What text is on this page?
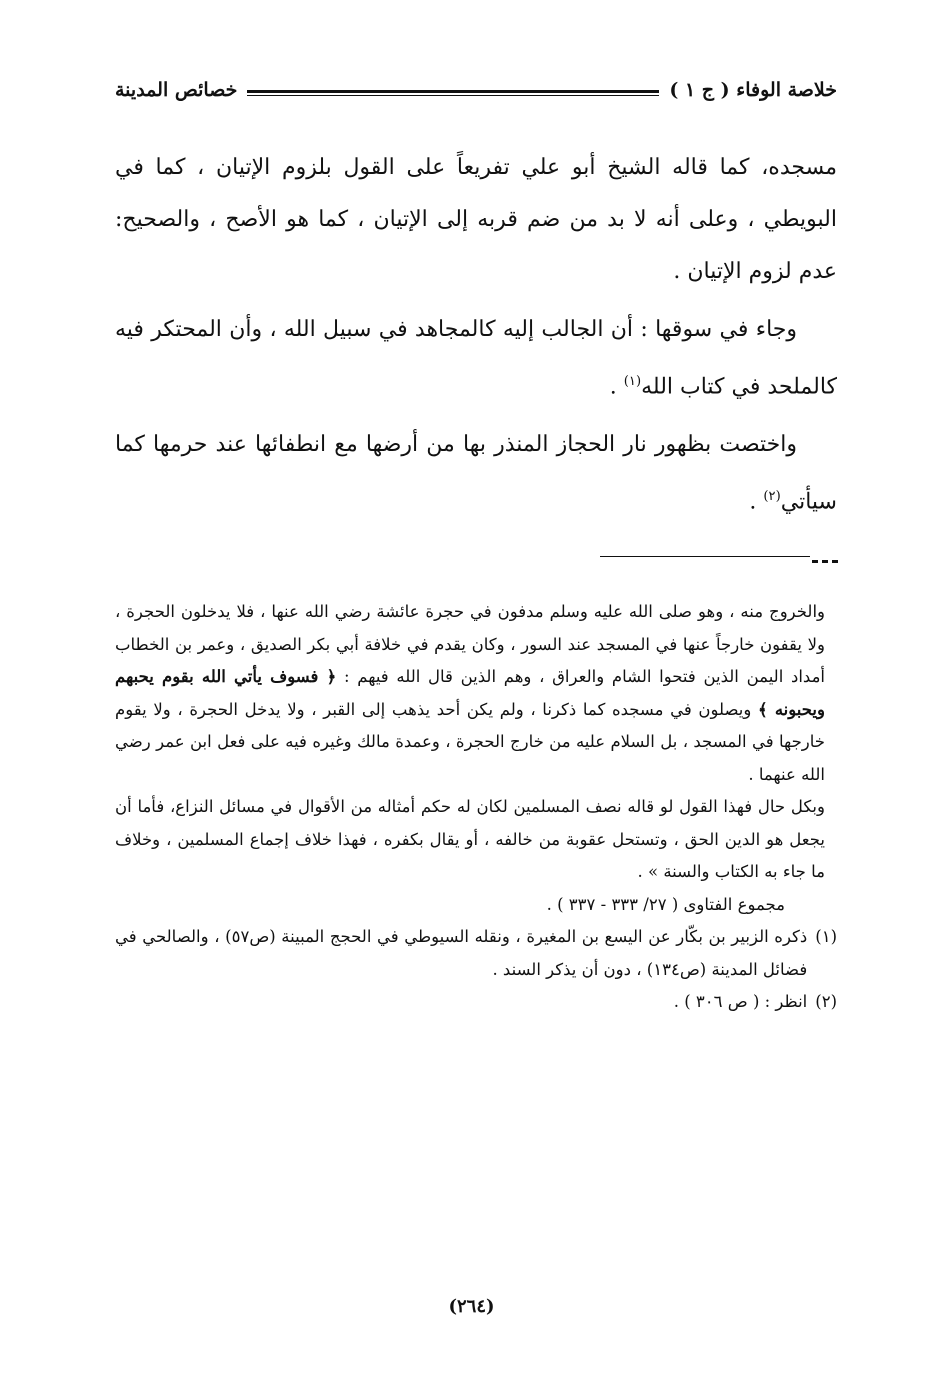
خصائص المدينة	خلاصة الوفاء ( ج ١ )

مسجده، كما قاله الشيخ أبو علي تفريعاً على القول بلزوم الإتيان ، كما في البويطي ، وعلى أنه لا بد من ضم قربه إلى الإتيان ، كما هو الأصح ، والصحيح: عدم لزوم الإتيان .

وجاء في سوقها : أن الجالب إليه كالمجاهد في سبيل الله ، وأن المحتكر فيه كالملحد في كتاب الله$^{(١)}$ .

واختصت بظهور نار الحجاز المنذر بها من أرضها مع انطفائها عند حرمها كما سيأتي$^{(٢)}$ .

والخروج منه ، وهو صلى الله عليه وسلم مدفون في حجرة عائشة رضي الله عنها ، فلا يدخلون الحجرة ، ولا يقفون خارجاً عنها في المسجد عند السور ، وكان يقدم في خلافة أبي بكر الصديق ، وعمر بن الخطاب أمداد اليمن الذين فتحوا الشام والعراق ، وهم الذين قال الله فيهم : ﴿ فسوف يأتي الله بقوم يحبهم ويحبونه ﴾ ويصلون في مسجده كما ذكرنا ، ولم يكن أحد يذهب إلى القبر ، ولا يدخل الحجرة ، ولا يقوم خارجها في المسجد ، بل السلام عليه من خارج الحجرة ، وعمدة مالك وغيره فيه على فعل ابن عمر رضي الله عنهما .

وبكل حال فهذا القول لو قاله نصف المسلمين لكان له حكم أمثاله من الأقوال في مسائل النزاع، فأما أن يجعل هو الدين الحق ، وتستحل عقوبة من خالفه ، أو يقال بكفره ، فهذا خلاف إجماع المسلمين ، وخلاف ما جاء به الكتاب والسنة » .

مجموع الفتاوى ( ٢٧/ ٣٣٣ - ٣٣٧ ) .

(١)
ذكره الزبير بن بكّار عن اليسع بن المغيرة ، ونقله السيوطي في الحجج المبينة (ص٥٧) ، والصالحي في فضائل المدينة (ص١٣٤) ، دون أن يذكر السند .
(٢)
انظر : ( ص ٣٠٦ ) .
(٢٦٤)
